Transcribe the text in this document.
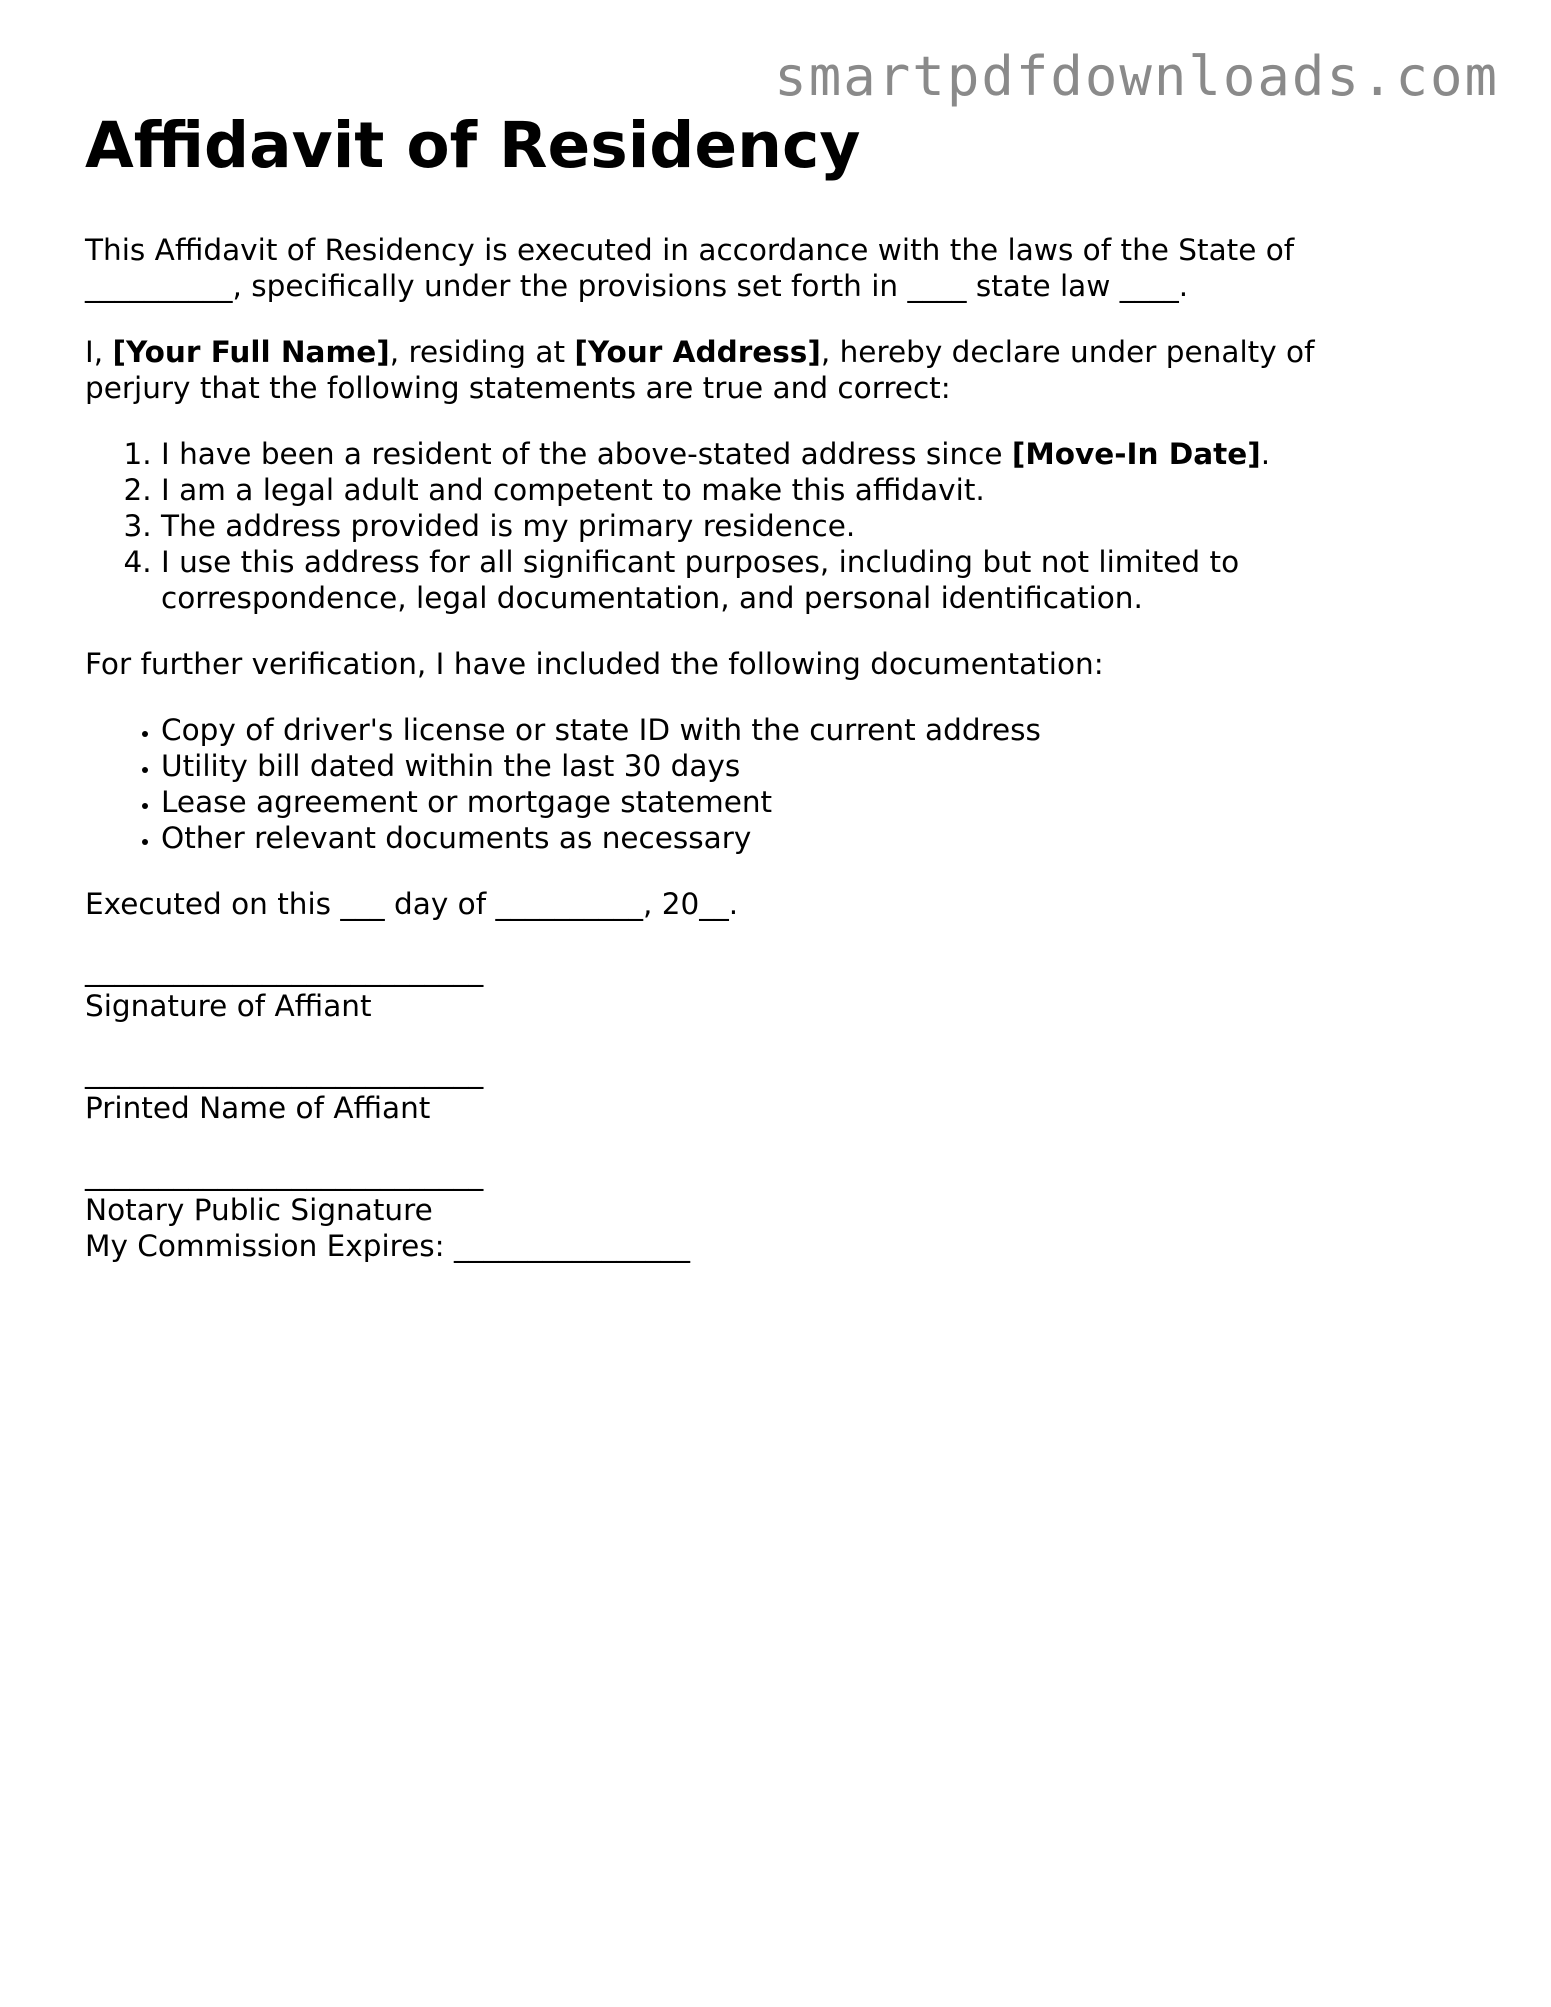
smartpdfdownloads.com
Affidavit of Residency
This Affidavit of Residency is executed in accordance with the laws of the State of
__________, specifically under the provisions set forth in ____ state law ____.
I, [Your Full Name], residing at [Your Address], hereby declare under penalty of
perjury that the following statements are true and correct:
1. I have been a resident of the above-stated address since [Move-In Date].
2. I am a legal adult and competent to make this affidavit.
3. The address provided is my primary residence.
4. I use this address for all significant purposes, including but not limited to
correspondence, legal documentation, and personal identification.

For further verification, I have included the following documentation:

• Copy of driver's license or state ID with the current address
• Utility bill dated within the last 30 days
• Lease agreement or mortgage statement
• Other relevant documents as necessary

Executed on this ___ day of __________, 20__.

___________________________
Signature of Affiant
___________________________
Printed Name of Affiant
___________________________
Notary Public Signature
My Commission Expires: ________________
